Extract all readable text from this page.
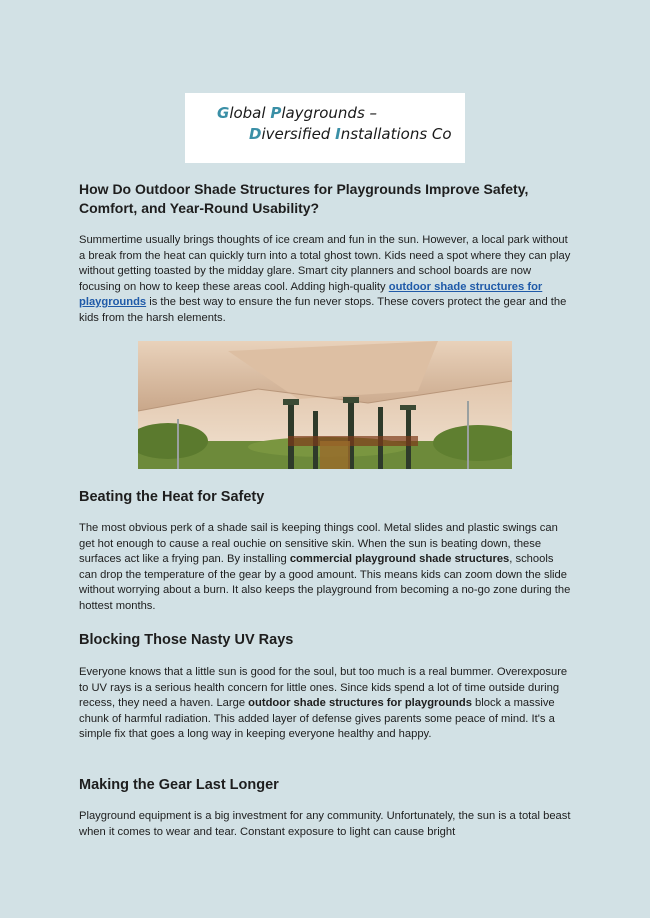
Global Playgrounds –
Diversified Installations Co
How Do Outdoor Shade Structures for Playgrounds Improve Safety, Comfort, and Year-Round Usability?

Summertime usually brings thoughts of ice cream and fun in the sun. However, a local park without a break from the heat can quickly turn into a total ghost town. Kids need a spot where they can play without getting toasted by the midday glare. Smart city planners and school boards are now focusing on how to keep these areas cool. Adding high-quality outdoor shade structures for playgrounds is the best way to ensure the fun never stops. These covers protect the gear and the kids from the harsh elements.

Beating the Heat for Safety

The most obvious perk of a shade sail is keeping things cool. Metal slides and plastic swings can get hot enough to cause a real ouchie on sensitive skin. When the sun is beating down, these surfaces act like a frying pan. By installing commercial playground shade structures, schools can drop the temperature of the gear by a good amount. This means kids can zoom down the slide without worrying about a burn. It also keeps the playground from becoming a no-go zone during the hottest months.

Blocking Those Nasty UV Rays

Everyone knows that a little sun is good for the soul, but too much is a real bummer. Overexposure to UV rays is a serious health concern for little ones. Since kids spend a lot of time outside during recess, they need a haven. Large outdoor shade structures for playgrounds block a massive chunk of harmful radiation. This added layer of defense gives parents some peace of mind. It's a simple fix that goes a long way in keeping everyone healthy and happy.

Making the Gear Last Longer

Playground equipment is a big investment for any community. Unfortunately, the sun is a total beast when it comes to wear and tear. Constant exposure to light can cause bright
